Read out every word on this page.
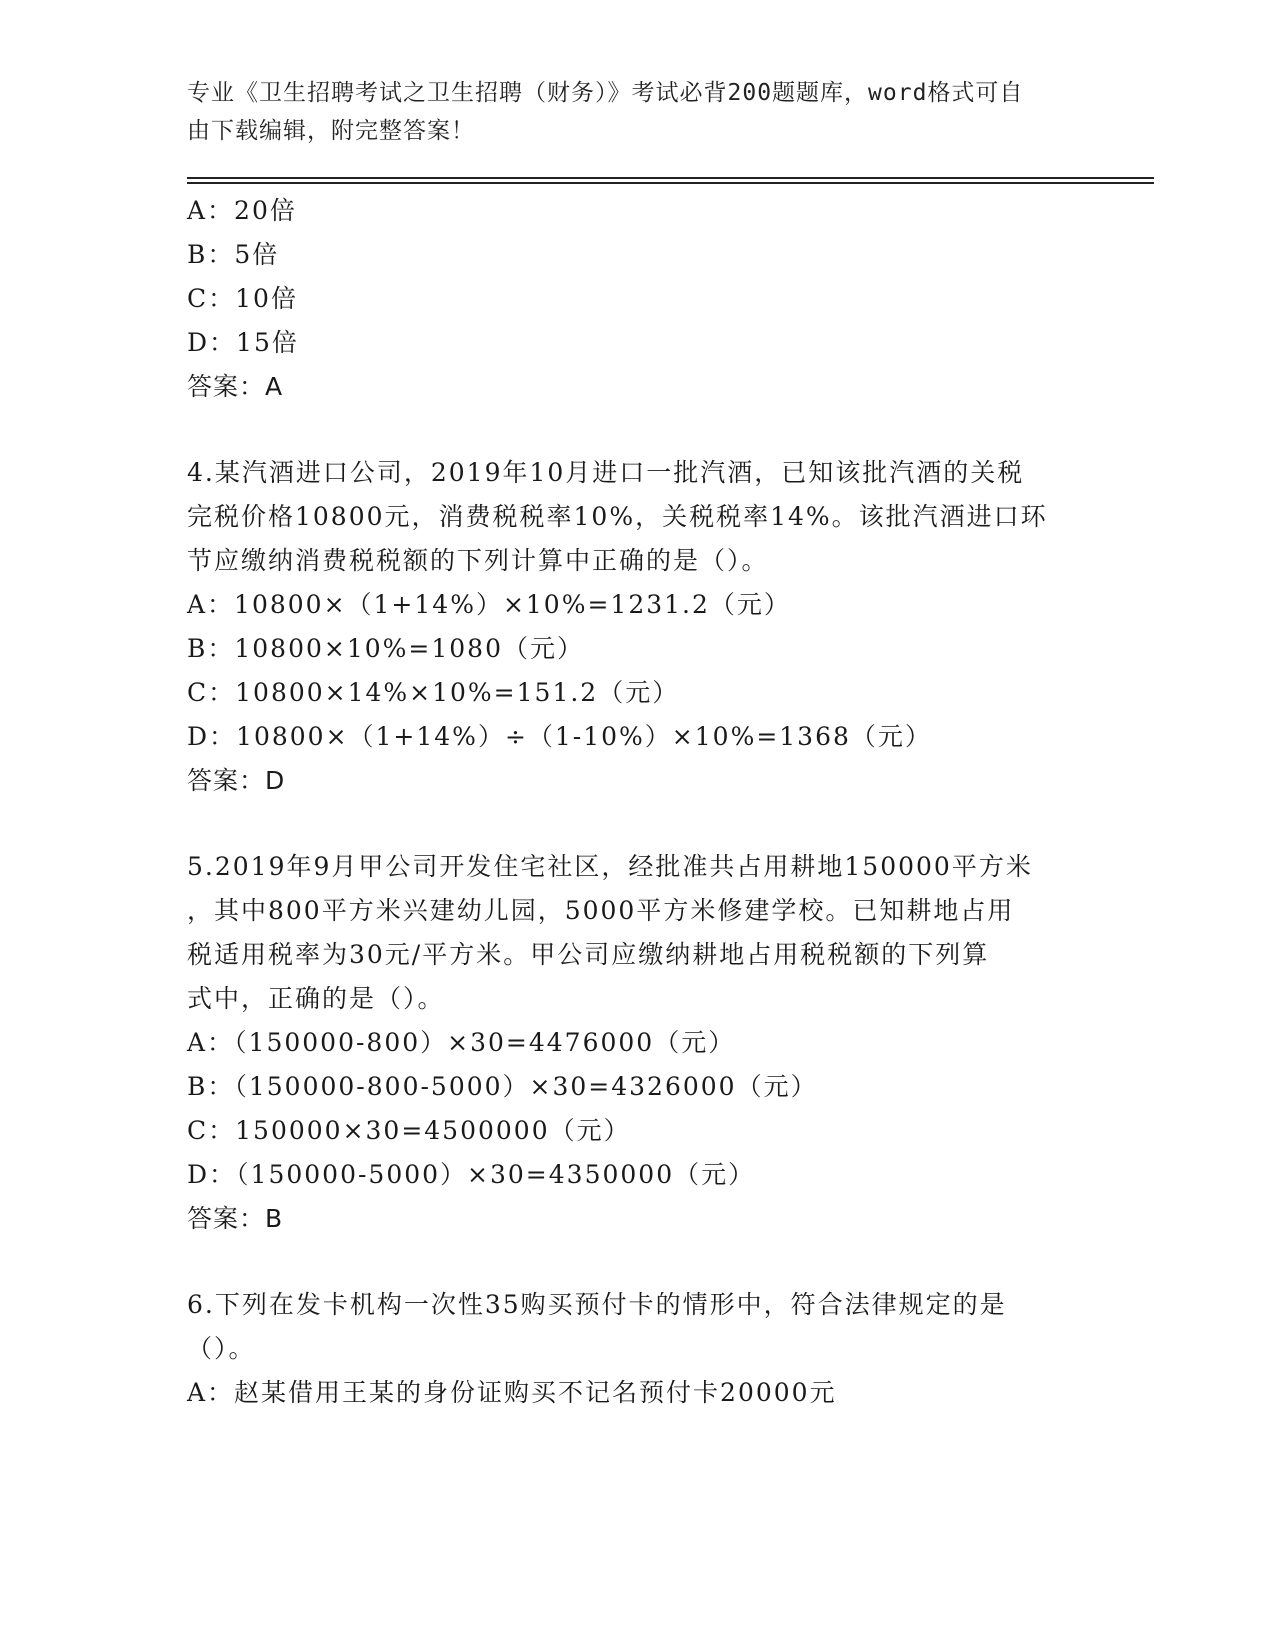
专业《卫生招聘考试之卫生招聘（财务）》考试必背200题题库，word格式可自
由下载编辑，附完整答案！
A：20倍
B：5倍
C：10倍
D：15倍
答案：A
4.某汽酒进口公司，2019年10月进口一批汽酒，已知该批汽酒的关税
完税价格10800元，消费税税率10%，关税税率14%。该批汽酒进口环
节应缴纳消费税税额的下列计算中正确的是（）。
A：10800×（1+14%）×10%=1231.2（元）
B：10800×10%=1080（元）
C：10800×14%×10%=151.2（元）
D：10800×（1+14%）÷（1-10%）×10%=1368（元）
答案：D
5.2019年9月甲公司开发住宅社区，经批准共占用耕地150000平方米
，其中800平方米兴建幼儿园，5000平方米修建学校。已知耕地占用
税适用税率为30元/平方米。甲公司应缴纳耕地占用税税额的下列算
式中，正确的是（）。
A：（150000-800）×30=4476000（元）
B：（150000-800-5000）×30=4326000（元）
C：150000×30=4500000（元）
D：（150000-5000）×30=4350000（元）
答案：B
6.下列在发卡机构一次性35购买预付卡的情形中，符合法律规定的是
（）。
A：赵某借用王某的身份证购买不记名预付卡20000元
